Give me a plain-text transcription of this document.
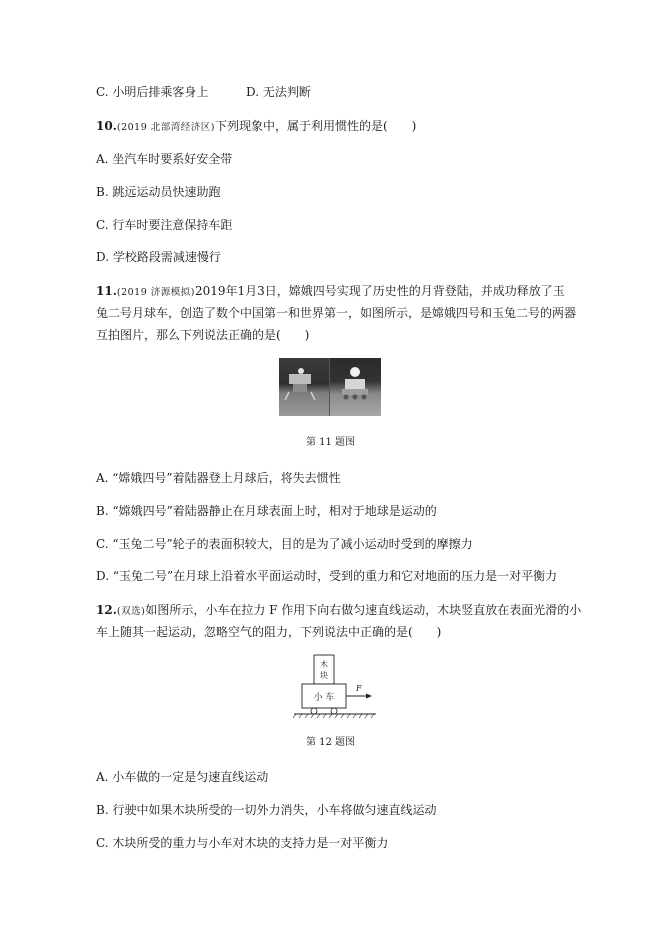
C. 小明后排乘客身上	D. 无法判断
10.(2019 北部湾经济区)下列现象中，属于利用惯性的是(　　)
A. 坐汽车时要系好安全带
B. 跳远运动员快速助跑
C. 行车时要注意保持车距
D. 学校路段需减速慢行
11.(2019 济源模拟)2019年1月3日，嫦娥四号实现了历史性的月背登陆，并成功释放了玉
兔二号月球车，创造了数个中国第一和世界第一，如图所示，是嫦娥四号和玉兔二号的两器
互拍图片，那么下列说法正确的是(　　)
第 11 题图
A. “嫦娥四号”着陆器登上月球后，将失去惯性
B. “嫦娥四号”着陆器静止在月球表面上时，相对于地球是运动的
C. “玉兔二号”轮子的表面积较大，目的是为了减小运动时受到的摩擦力
D. “玉兔二号”在月球上沿着水平面运动时，受到的重力和它对地面的压力是一对平衡力
12.(双选)如图所示，小车在拉力 F 作用下向右做匀速直线运动，木块竖直放在表面光滑的小
车上随其一起运动，忽略空气的阻力，下列说法中正确的是(　　)
木
块
小 车
F
第 12 题图
A. 小车做的一定是匀速直线运动
B. 行驶中如果木块所受的一切外力消失，小车将做匀速直线运动
C. 木块所受的重力与小车对木块的支持力是一对平衡力
